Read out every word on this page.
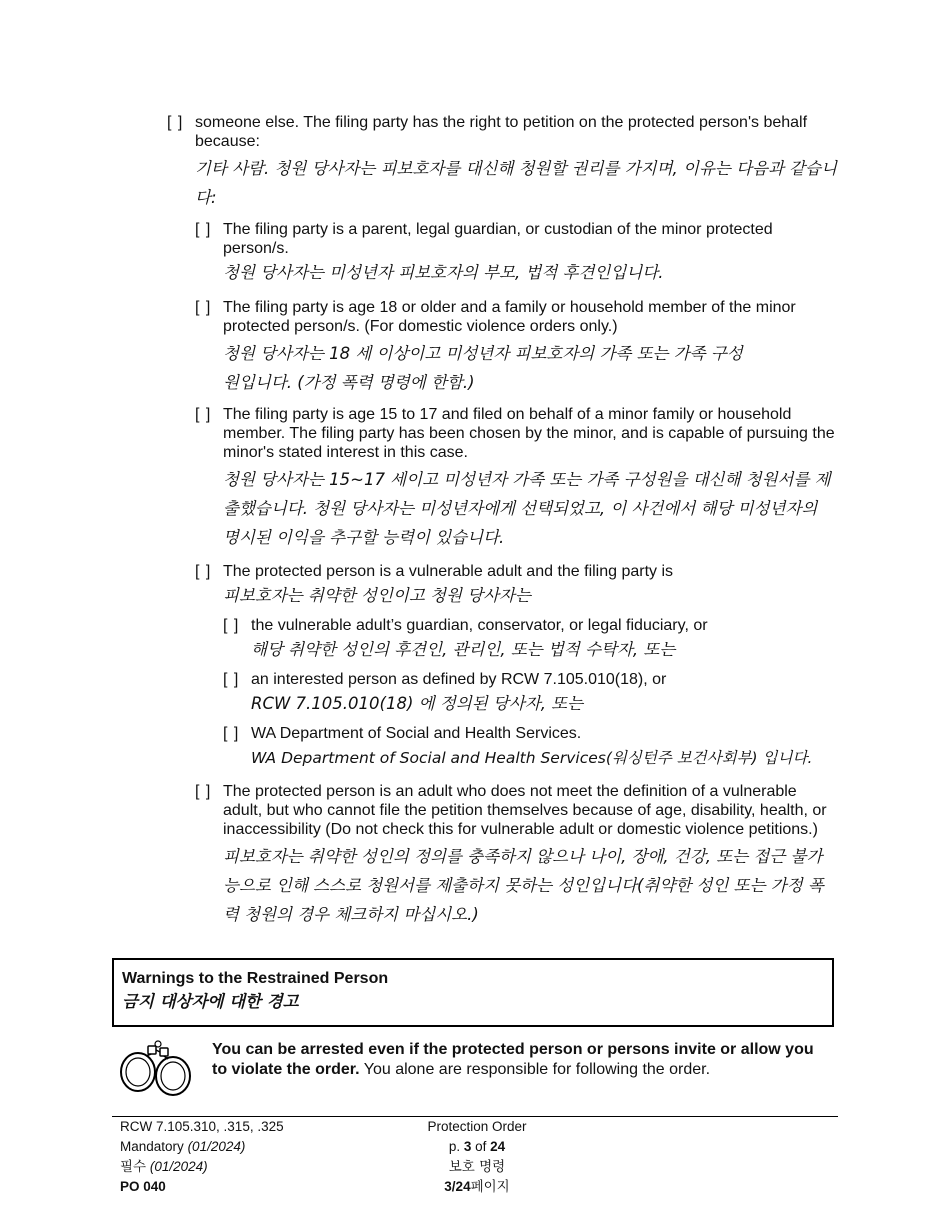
[ ] someone else. The filing party has the right to petition on the protected person's behalf because:
기타 사람. 청원 당사자는 피보호자를 대신해 청원할 권리를 가지며, 이유는 다음과 같습니다:
[ ] The filing party is a parent, legal guardian, or custodian of the minor protected person/s.
청원 당사자는 미성년자 피보호자의 부모, 법적 후견인입니다.
[ ] The filing party is age 18 or older and a family or household member of the minor protected person/s. (For domestic violence orders only.)
청원 당사자는 18 세 이상이고 미성년자 피보호자의 가족 또는 가족 구성원입니다. (가정 폭력 명령에 한함.)
[ ] The filing party is age 15 to 17 and filed on behalf of a minor family or household member. The filing party has been chosen by the minor, and is capable of pursuing the minor's stated interest in this case.
청원 당사자는 15~17 세이고 미성년자 가족 또는 가족 구성원을 대신해 청원서를 제출했습니다. 청원 당사자는 미성년자에게 선택되었고, 이 사건에서 해당 미성년자의 명시된 이익을 추구할 능력이 있습니다.
[ ] The protected person is a vulnerable adult and the filing party is
피보호자는 취약한 성인이고 청원 당사자는
[ ] the vulnerable adult’s guardian, conservator, or legal fiduciary, or
해당 취약한 성인의 후견인, 관리인, 또는 법적 수탁자, 또는
[ ] an interested person as defined by RCW 7.105.010(18), or
RCW 7.105.010(18) 에 정의된 당사자, 또는
[ ] WA Department of Social and Health Services.
WA Department of Social and Health Services(워싱턴주 보건사회부) 입니다.
[ ] The protected person is an adult who does not meet the definition of a vulnerable adult, but who cannot file the petition themselves because of age, disability, health, or inaccessibility (Do not check this for vulnerable adult or domestic violence petitions.)
피보호자는 취약한 성인의 정의를 충족하지 않으나 나이, 장애, 건강, 또는 접근 불가능으로 인해 스스로 청원서를 제출하지 못하는 성인입니다(취약한 성인 또는 가정 폭력 청원의 경우 체크하지 마십시오.)
Warnings to the Restrained Person
금지 대상자에 대한 경고
You can be arrested even if the protected person or persons invite or allow you to violate the order. You alone are responsible for following the order.
RCW 7.105.310, .315, .325
Mandatory (01/2024)
필수 (01/2024)
PO 040
Protection Order
p. 3 of 24
보호 명령
3/24페이지
